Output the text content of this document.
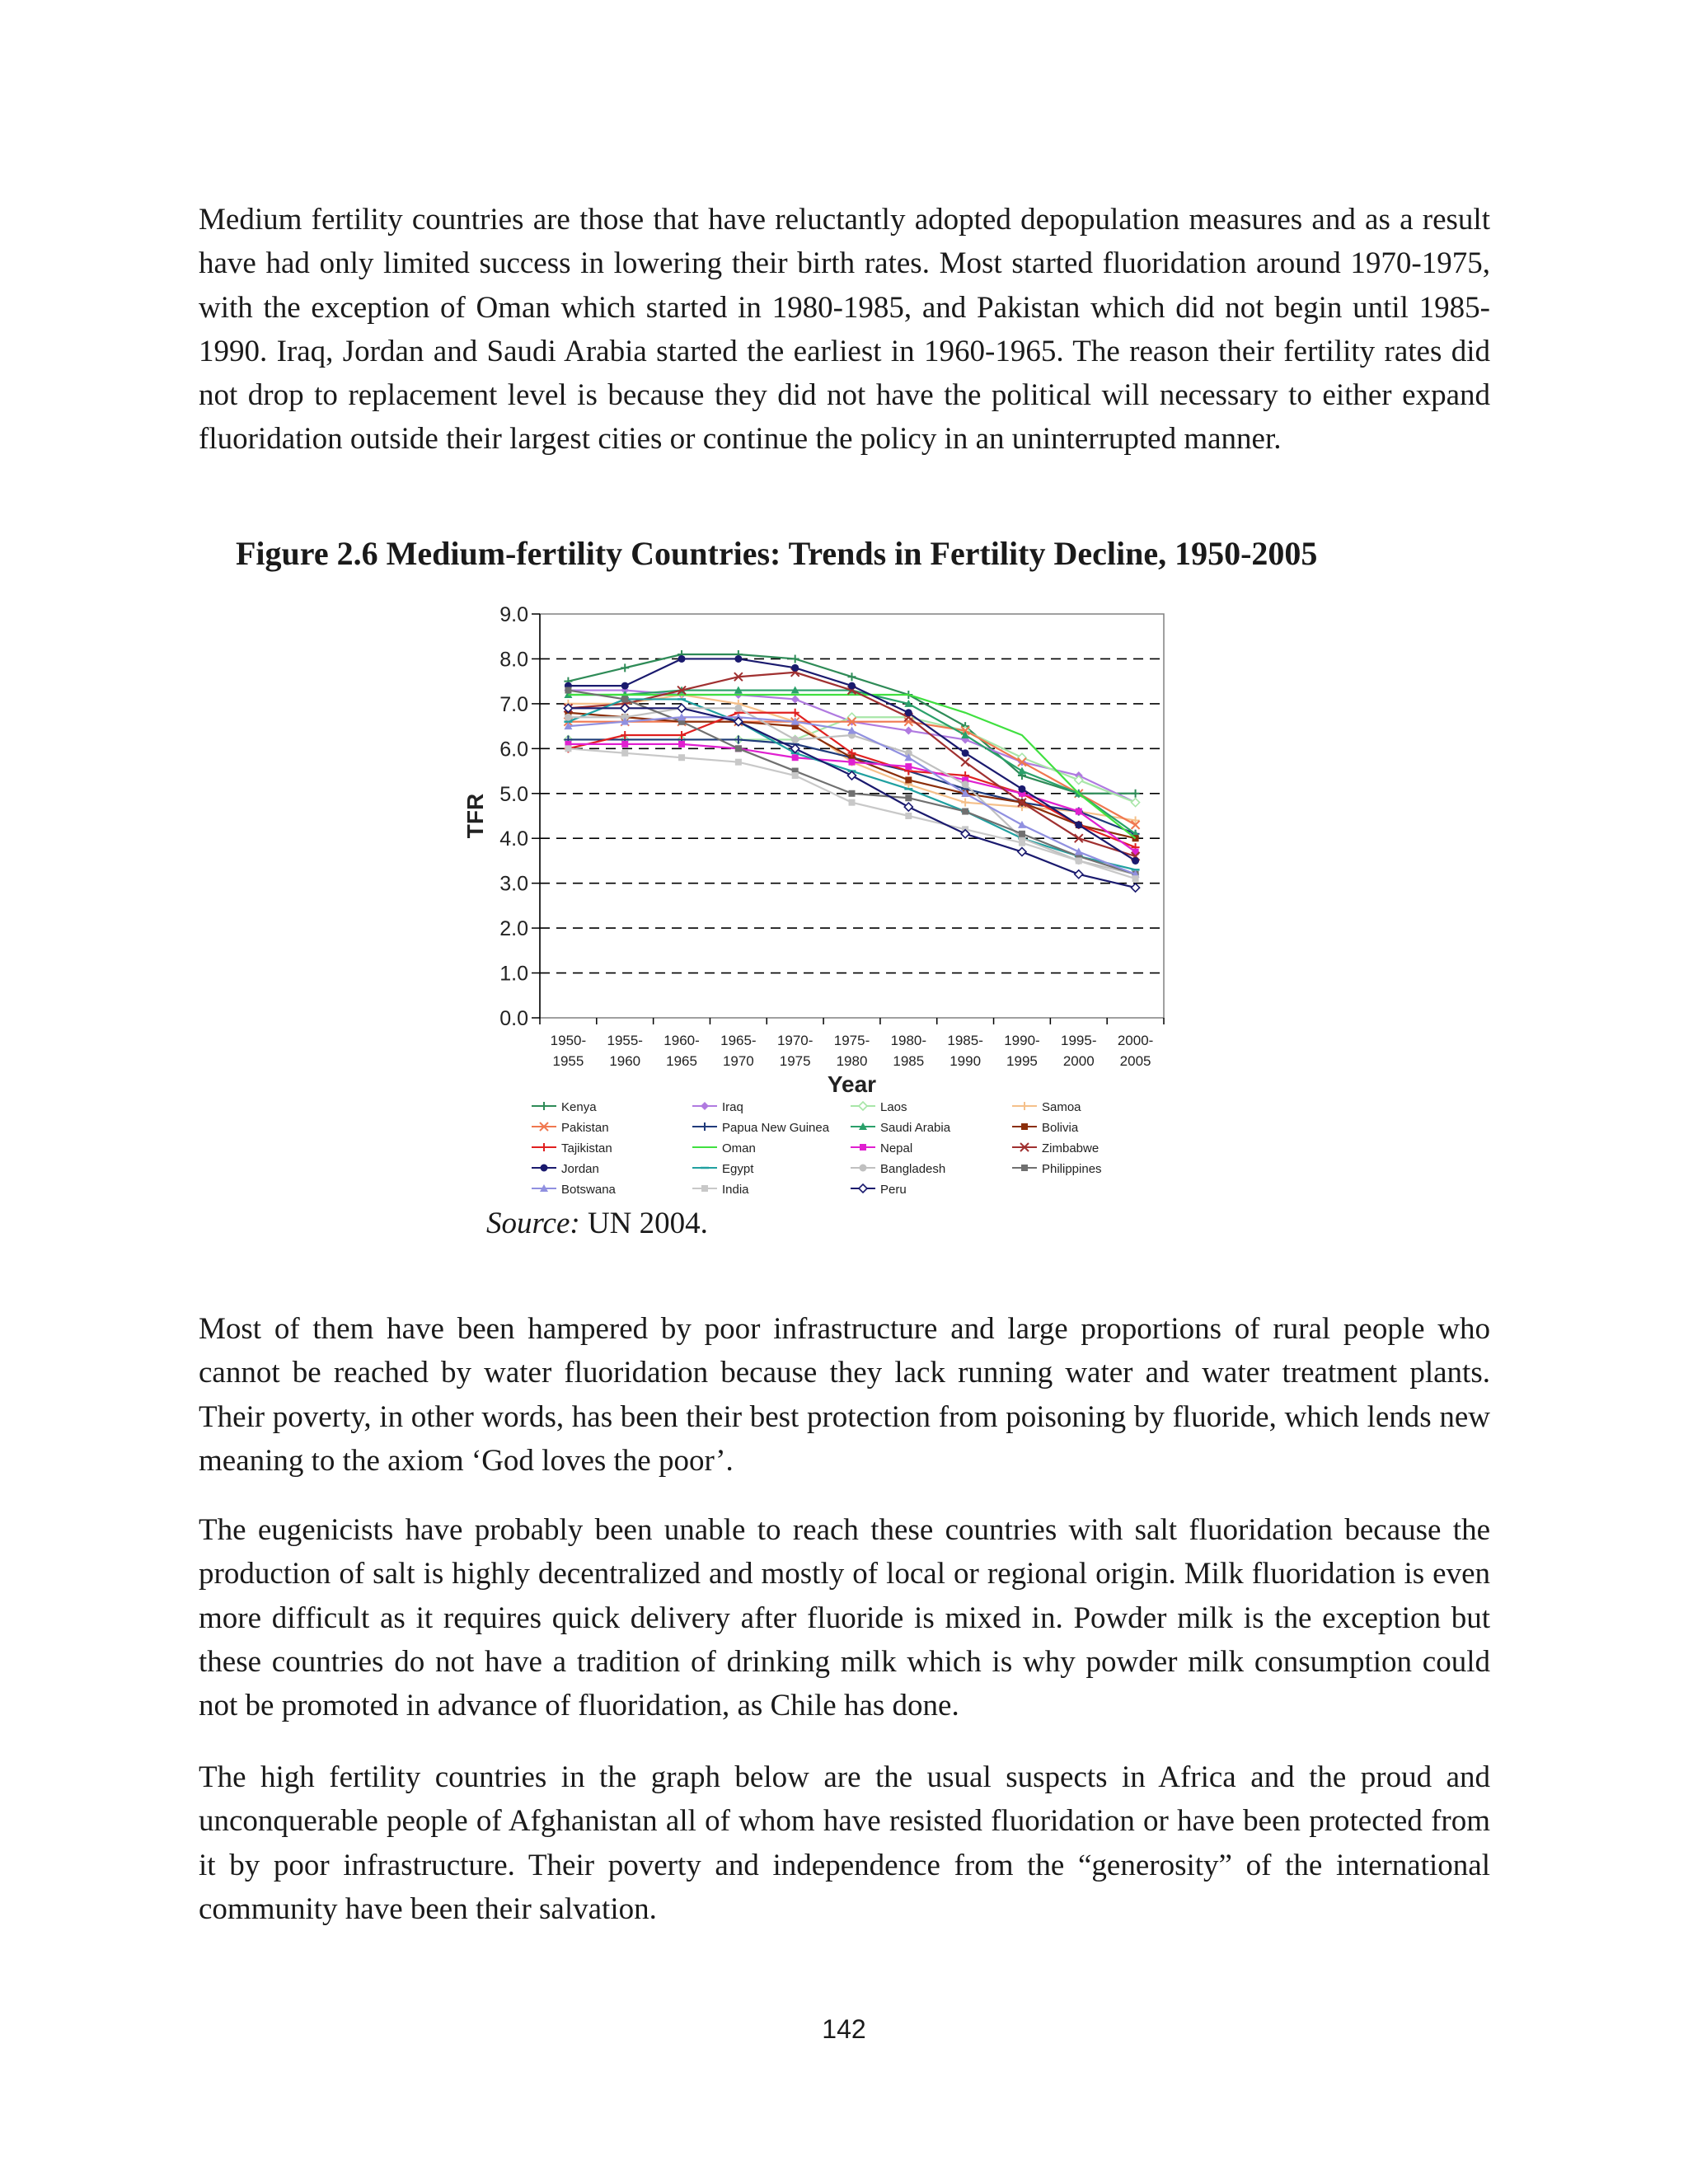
Medium fertility countries are those that have reluctantly adopted depopulation measures and as a result have had only limited success in lowering their birth rates. Most started fluoridation around 1970-1975, with the exception of Oman which started in 1980-1985, and Pakistan which did not begin until 1985-1990. Iraq, Jordan and Saudi Arabia started the earliest in 1960-1965. The reason their fertility rates did not drop to replacement level is because they did not have the political will necessary to either expand fluoridation outside their largest cities or continue the policy in an uninterrupted manner.

Figure 2.6 Medium-fertility Countries: Trends in Fertility Decline, 1950-2005
0.0
1.0
2.0
3.0
4.0
5.0
6.0
7.0
8.0
9.0
1950-
1955
1955-
1960
1960-
1965
1965-
1970
1970-
1975
1975-
1980
1980-
1985
1985-
1990
1990-
1995
1995-
2000
2000-
2005
Year
TFR
Kenya	Iraq	Laos	Samoa
Pakistan	Papua New Guinea	Saudi Arabia	Bolivia
Tajikistan	Oman	Nepal	Zimbabwe
Jordan	Egypt	Bangladesh	Philippines
Botswana	India	Peru
Source: UN 2004.

Most of them have been hampered by poor infrastructure and large proportions of rural people who cannot be reached by water fluoridation because they lack running water and water treatment plants. Their poverty, in other words, has been their best protection from poisoning by fluoride, which lends new meaning to the axiom ‘God loves the poor’.

The eugenicists have probably been unable to reach these countries with salt fluoridation because the production of salt is highly decentralized and mostly of local or regional origin. Milk fluoridation is even more difficult as it requires quick delivery after fluoride is mixed in. Powder milk is the exception but these countries do not have a tradition of drinking milk which is why powder milk consumption could not be promoted in advance of fluoridation, as Chile has done.

The high fertility countries in the graph below are the usual suspects in Africa and the proud and unconquerable people of Afghanistan all of whom have resisted fluoridation or have been protected from it by poor infrastructure. Their poverty and independence from the “generosity” of the international community have been their salvation.

142
